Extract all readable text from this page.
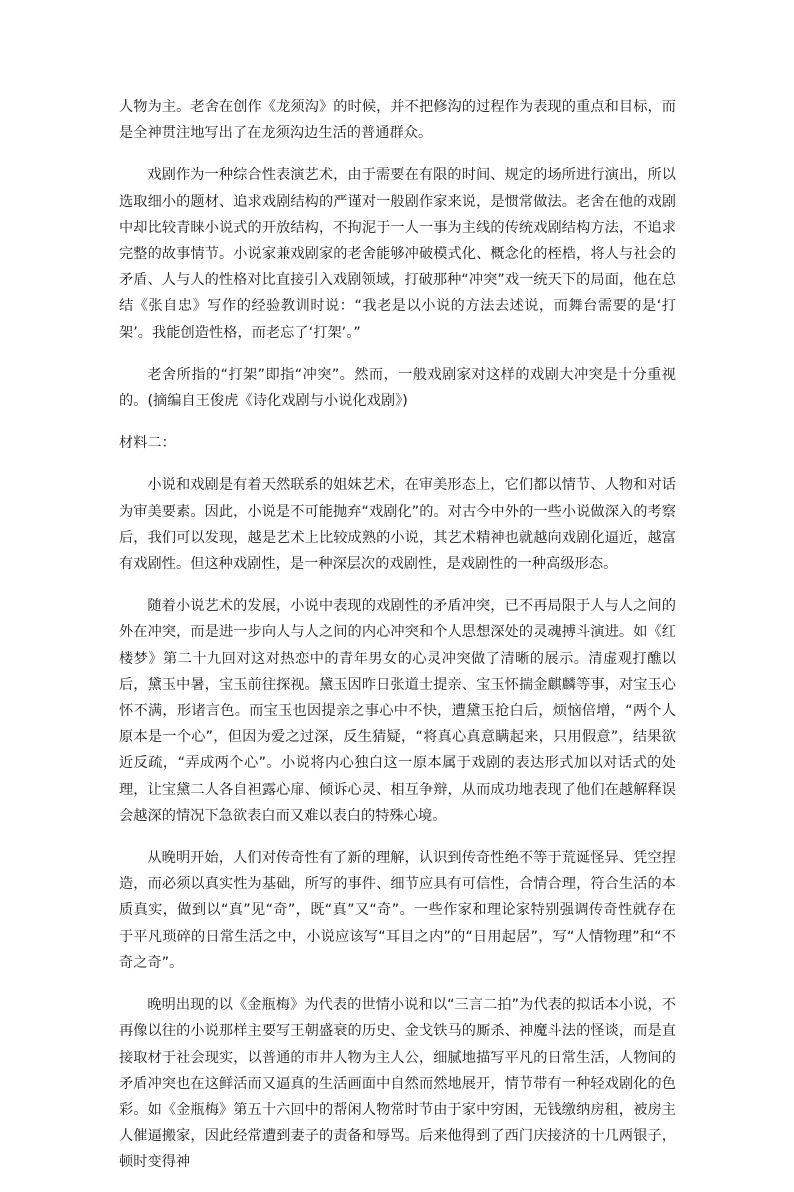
人物为主。老舍在创作《龙须沟》的时候，并不把修沟的过程作为表现的重点和目标，而是全神贯注地写出了在龙须沟边生活的普通群众。

戏剧作为一种综合性表演艺术，由于需要在有限的时间、规定的场所进行演出，所以选取细小的题材、追求戏剧结构的严谨对一般剧作家来说，是惯常做法。老舍在他的戏剧中却比较青睐小说式的开放结构，不拘泥于一人一事为主线的传统戏剧结构方法，不追求完整的故事情节。小说家兼戏剧家的老舍能够冲破模式化、概念化的桎梏，将人与社会的矛盾、人与人的性格对比直接引入戏剧领域，打破那种“冲突”戏一统天下的局面，他在总结《张自忠》写作的经验教训时说：“我老是以小说的方法去述说，而舞台需要的是‘打架’。我能创造性格，而老忘了‘打架’。”

老舍所指的“打架”即指“冲突”。然而，一般戏剧家对这样的戏剧大冲突是十分重视的。(摘编自王俊虎《诗化戏剧与小说化戏剧》)

材料二：

小说和戏剧是有着天然联系的姐妹艺术，在审美形态上，它们都以情节、人物和对话为审美要素。因此，小说是不可能抛弃“戏剧化”的。对古今中外的一些小说做深入的考察后，我们可以发现，越是艺术上比较成熟的小说，其艺术精神也就越向戏剧化逼近，越富有戏剧性。但这种戏剧性，是一种深层次的戏剧性，是戏剧性的一种高级形态。

随着小说艺术的发展，小说中表现的戏剧性的矛盾冲突，已不再局限于人与人之间的外在冲突，而是进一步向人与人之间的内心冲突和个人思想深处的灵魂搏斗演进。如《红楼梦》第二十九回对这对热恋中的青年男女的心灵冲突做了清晰的展示。清虚观打醮以后，黛玉中暑，宝玉前往探视。黛玉因昨日张道士提亲、宝玉怀揣金麒麟等事，对宝玉心怀不满，形诸言色。而宝玉也因提亲之事心中不快，遭黛玉抢白后，烦恼倍增，“两个人原本是一个心”，但因为爱之过深，反生猜疑，“将真心真意瞒起来，只用假意”，结果欲近反疏，“弄成两个心”。小说将内心独白这一原本属于戏剧的表达形式加以对话式的处理，让宝黛二人各自袒露心扉、倾诉心灵、相互争辩，从而成功地表现了他们在越解释误会越深的情况下急欲表白而又难以表白的特殊心境。

从晚明开始，人们对传奇性有了新的理解，认识到传奇性绝不等于荒诞怪异、凭空捏造，而必须以真实性为基础，所写的事件、细节应具有可信性，合情合理，符合生活的本质真实，做到以“真”见“奇”，既“真”又“奇”。一些作家和理论家特别强调传奇性就存在于平凡琐碎的日常生活之中，小说应该写“耳目之内”的“日用起居”，写“人情物理”和“不奇之奇”。

晚明出现的以《金瓶梅》为代表的世情小说和以“三言二拍”为代表的拟话本小说，不再像以往的小说那样主要写王朝盛衰的历史、金戈铁马的厮杀、神魔斗法的怪谈，而是直接取材于社会现实，以普通的市井人物为主人公，细腻地描写平凡的日常生活，人物间的矛盾冲突也在这鲜活而又逼真的生活画面中自然而然地展开，情节带有一种轻戏剧化的色彩。如《金瓶梅》第五十六回中的帮闲人物常时节由于家中穷困，无钱缴纳房租，被房主人催逼搬家，因此经常遭到妻子的责备和辱骂。后来他得到了西门庆接济的十几两银子，顿时变得神
